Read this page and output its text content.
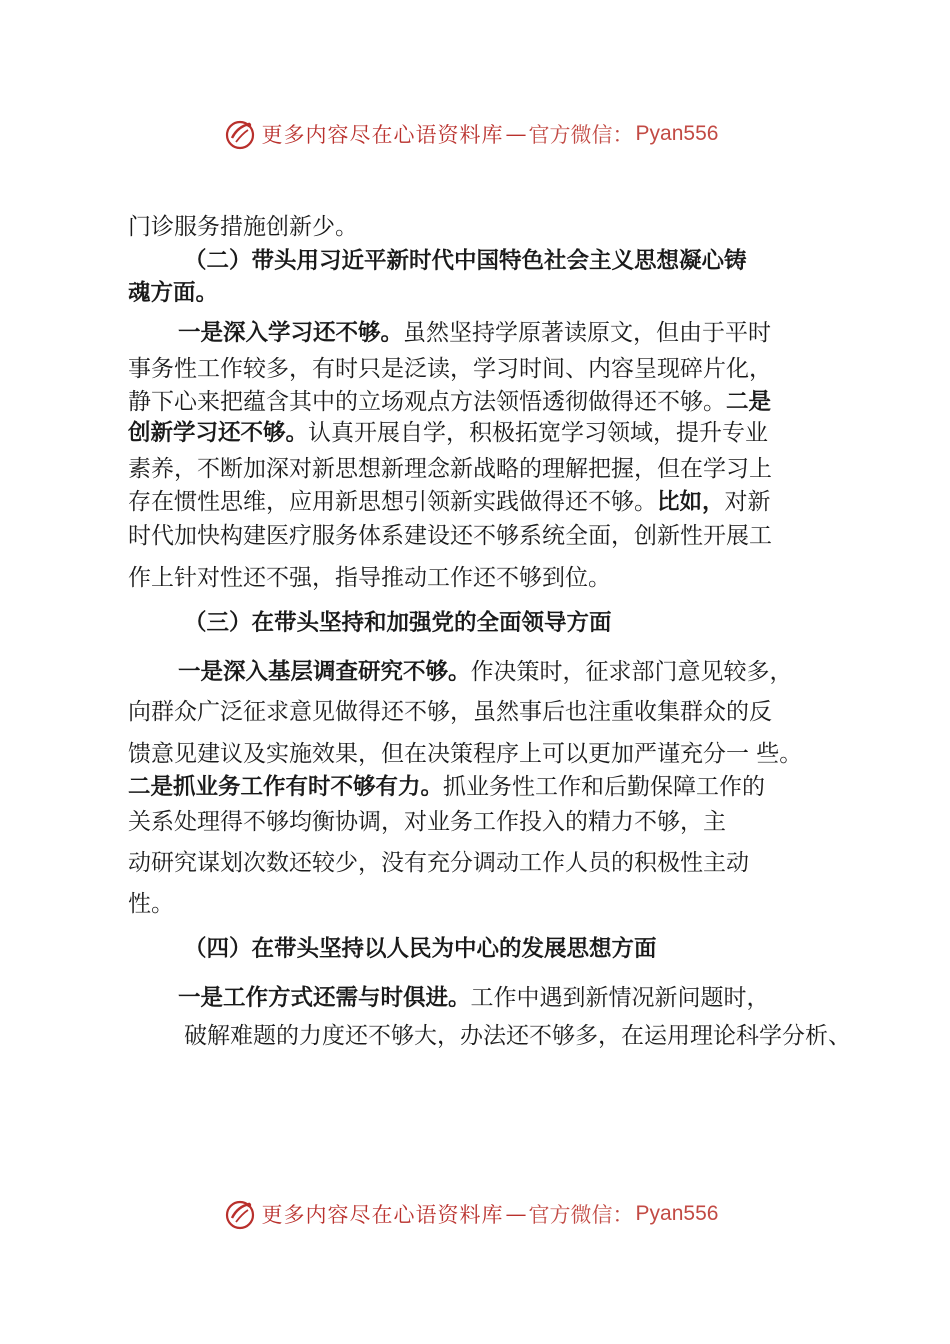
更多内容尽在心语资料库 — 官方微信： Pyan556
门诊服务措施创新少。
（二）带头用习近平新时代中国特色社会主义思想凝心铸
魂方面。
一是深入学习还不够。虽然坚持学原著读原文，但由于平时
事务性工作较多，有时只是泛读，学习时间、内容呈现碎片化，
静下心来把蕴含其中的立场观点方法领悟透彻做得还不够。二是
创新学习还不够。认真开展自学，积极拓宽学习领域，提升专业
素养，不断加深对新思想新理念新战略的理解把握，但在学习上
存在惯性思维，应用新思想引领新实践做得还不够。比如，对新
时代加快构建医疗服务体系建设还不够系统全面，创新性开展工
作上针对性还不强，指导推动工作还不够到位。
（三）在带头坚持和加强党的全面领导方面
一是深入基层调查研究不够。作决策时，征求部门意见较多，
向群众广泛征求意见做得还不够，虽然事后也注重收集群众的反
馈意见建议及实施效果，但在决策程序上可以更加严谨充分一 些。
二是抓业务工作有时不够有力。抓业务性工作和后勤保障工作的
关系处理得不够均衡协调，对业务工作投入的精力不够，主
动研究谋划次数还较少，没有充分调动工作人员的积极性主动
性。
（四）在带头坚持以人民为中心的发展思想方面
一是工作方式还需与时俱进。工作中遇到新情况新问题时，
破解难题的力度还不够大，办法还不够多，在运用理论科学分析、
更多内容尽在心语资料库 — 官方微信： Pyan556
